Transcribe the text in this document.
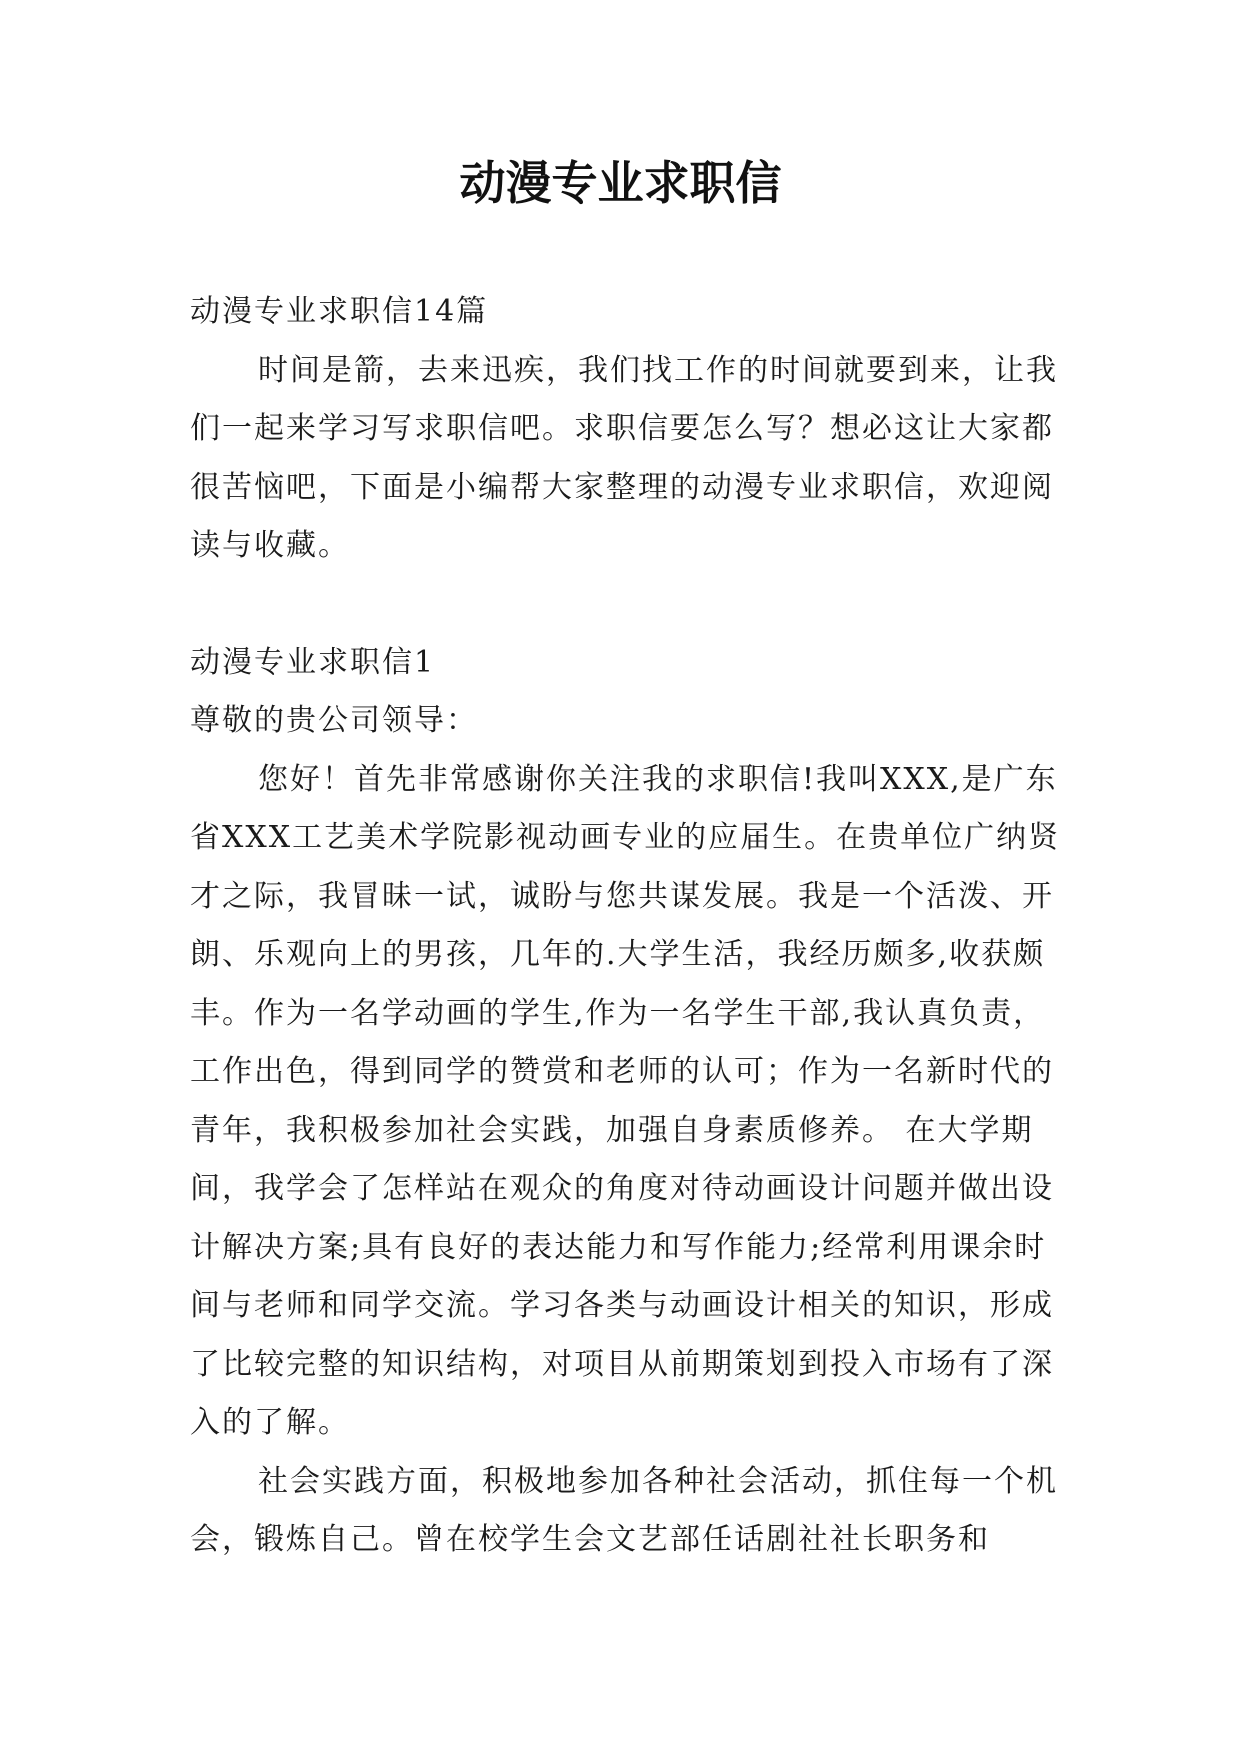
动漫专业求职信

动漫专业求职信14篇

时间是箭，去来迅疾，我们找工作的时间就要到来，让我们一起来学习写求职信吧。求职信要怎么写？想必这让大家都很苦恼吧，下面是小编帮大家整理的动漫专业求职信，欢迎阅读与收藏。

动漫专业求职信1

尊敬的贵公司领导：

您好！首先非常感谢你关注我的求职信!我叫XXX,是广东省XXX工艺美术学院影视动画专业的应届生。在贵单位广纳贤才之际，我冒昧一试，诚盼与您共谋发展。我是一个活泼、开朗、乐观向上的男孩，几年的.大学生活，我经历颇多,收获颇丰。作为一名学动画的学生,作为一名学生干部,我认真负责，工作出色，得到同学的赞赏和老师的认可；作为一名新时代的青年，我积极参加社会实践，加强自身素质修养。 在大学期间，我学会了怎样站在观众的角度对待动画设计问题并做出设计解决方案;具有良好的表达能力和写作能力;经常利用课余时间与老师和同学交流。学习各类与动画设计相关的知识，形成了比较完整的知识结构，对项目从前期策划到投入市场有了深入的了解。

社会实践方面，积极地参加各种社会活动，抓住每一个机会，锻炼自己。曾在校学生会文艺部任话剧社社长职务和
